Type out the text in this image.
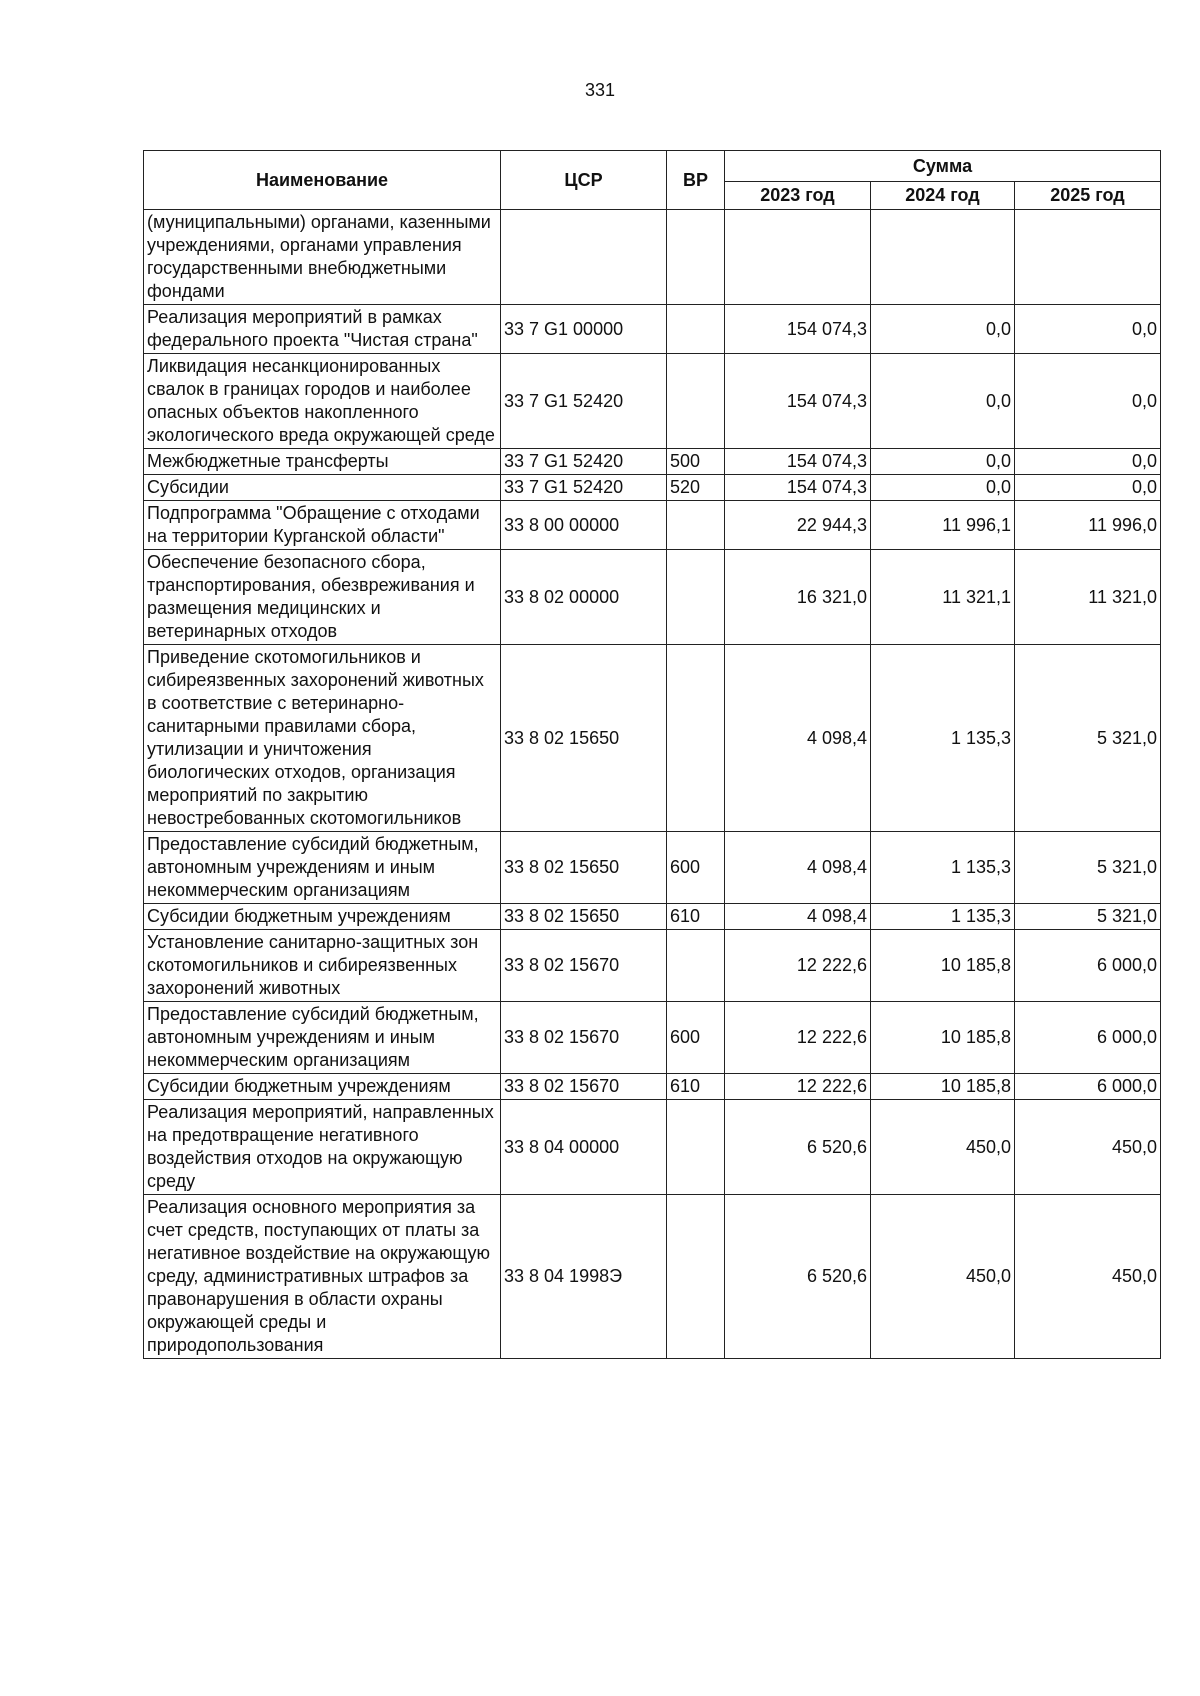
331
Наименование	ЦСР	ВР	Сумма		
			2023 год	2024 год	2025 год
(муниципальными) органами, казенными учреждениями, органами управления государственными внебюджетными фондами					
Реализация мероприятий в рамках федерального проекта "Чистая страна"	33 7 G1 00000		154 074,3	0,0	0,0
Ликвидация несанкционированных свалок в границах городов и наиболее опасных объектов накопленного экологического вреда окружающей среде	33 7 G1 52420		154 074,3	0,0	0,0
Межбюджетные трансферты	33 7 G1 52420	500	154 074,3	0,0	0,0
Субсидии	33 7 G1 52420	520	154 074,3	0,0	0,0
Подпрограмма "Обращение с отходами на территории Курганской области"	33 8 00 00000		22 944,3	11 996,1	11 996,0
Обеспечение безопасного сбора, транспортирования, обезвреживания и размещения медицинских и ветеринарных отходов	33 8 02 00000		16 321,0	11 321,1	11 321,0
Приведение скотомогильников и сибиреязвенных захоронений животных в соответствие с ветеринарно-санитарными правилами сбора, утилизации и уничтожения биологических отходов, организация мероприятий по закрытию невостребованных скотомогильников	33 8 02 15650		4 098,4	1 135,3	5 321,0
Предоставление субсидий бюджетным, автономным учреждениям и иным некоммерческим организациям	33 8 02 15650	600	4 098,4	1 135,3	5 321,0
Субсидии бюджетным учреждениям	33 8 02 15650	610	4 098,4	1 135,3	5 321,0
Установление санитарно-защитных зон скотомогильников и сибиреязвенных захоронений животных	33 8 02 15670		12 222,6	10 185,8	6 000,0
Предоставление субсидий бюджетным, автономным учреждениям и иным некоммерческим организациям	33 8 02 15670	600	12 222,6	10 185,8	6 000,0
Субсидии бюджетным учреждениям	33 8 02 15670	610	12 222,6	10 185,8	6 000,0
Реализация мероприятий, направленных на предотвращение негативного воздействия отходов на окружающую среду	33 8 04 00000		6 520,6	450,0	450,0
Реализация основного мероприятия за счет средств, поступающих от платы за негативное воздействие на окружающую среду, административных штрафов за правонарушения в области охраны окружающей среды и природопользования	33 8 04 1998Э		6 520,6	450,0	450,0
